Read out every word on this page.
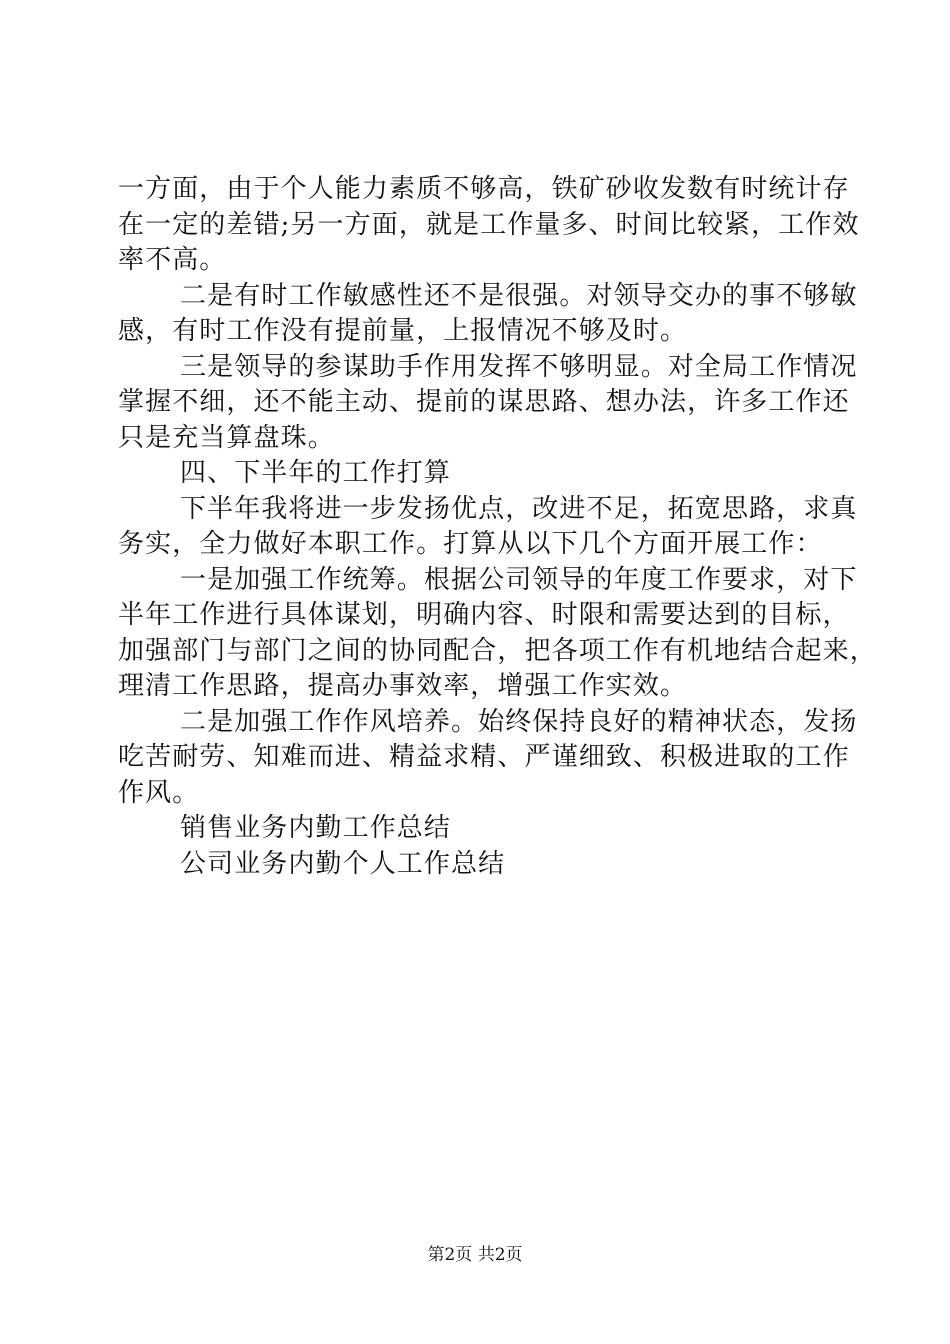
一方面，由于个人能力素质不够高，铁矿砂收发数有时统计存
在一定的差错;另一方面，就是工作量多、时间比较紧，工作效
率不高。
二是有时工作敏感性还不是很强。对领导交办的事不够敏
感，有时工作没有提前量，上报情况不够及时。
三是领导的参谋助手作用发挥不够明显。对全局工作情况
掌握不细，还不能主动、提前的谋思路、想办法，许多工作还
只是充当算盘珠。
四、下半年的工作打算
下半年我将进一步发扬优点，改进不足，拓宽思路，求真
务实，全力做好本职工作。打算从以下几个方面开展工作：
一是加强工作统筹。根据公司领导的年度工作要求，对下
半年工作进行具体谋划，明确内容、时限和需要达到的目标，
加强部门与部门之间的协同配合，把各项工作有机地结合起来，
理清工作思路，提高办事效率，增强工作实效。
二是加强工作作风培养。始终保持良好的精神状态，发扬
吃苦耐劳、知难而进、精益求精、严谨细致、积极进取的工作
作风。
销售业务内勤工作总结
公司业务内勤个人工作总结
第2页 共2页
